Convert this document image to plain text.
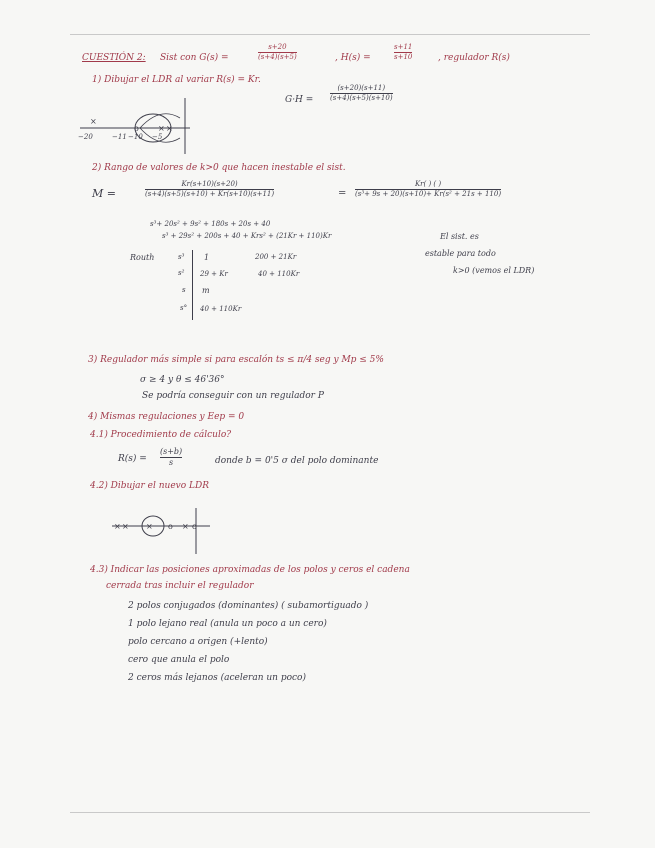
CUESTIÓN 2: Sist con G(s) =
s+20
(s+4)(s+5)	, H(s) =
s+11
s+10	, regulador R(s)
1) Dibujar el LDR al variar R(s) = Kr.
G·H =
(s+20)(s+11)
(s+4)(s+5)(s+10)
×
o × ×
−20	−11 −10 −5
2) Rango de valores de k>0 que hacen inestable el sist.
M =
Kr(s+10)(s+20)
(s+4)(s+5)(s+10) + Kr(s+10)(s+11)	=
Kr( ) ( )
(s³+ 9s + 20)(s+10)+ Kr(s² + 21s + 110)
s³+ 20s² + 9s² + 180s + 20s + 40
s³ + 29s² + 200s + 40 + Krs² + (21Kr + 110)Kr
Routh	s³ 1	200 + 21Kr
s² 29 + Kr	40 + 110Kr
s m
s° 40 + 110Kr
El sist. es
estable para todo
k>0 (vemos el LDR)
3) Regulador más simple si para escalón ts ≤ π/4 seg y Mp ≤ 5%
σ ≥ 4 y θ ≤ 46'36°
Se podría conseguir con un regulador P
4) Mismas regulaciones y Eep = 0
4.1) Procedimiento de cálculo?
R(s) =
(s+b)
s	donde b = 0'5 σ del polo dominante
4.2) Dibujar el nuevo LDR
× × × o × o
4.3) Indicar las posiciones aproximadas de los polos y ceros el cadena
cerrada tras incluir el regulador
2 polos conjugados (dominantes) ( subamortiguado )
1 polo lejano real (anula un poco a un cero)
polo cercano a origen (+lento)
cero que anula el polo
2 ceros más lejanos (aceleran un poco)
